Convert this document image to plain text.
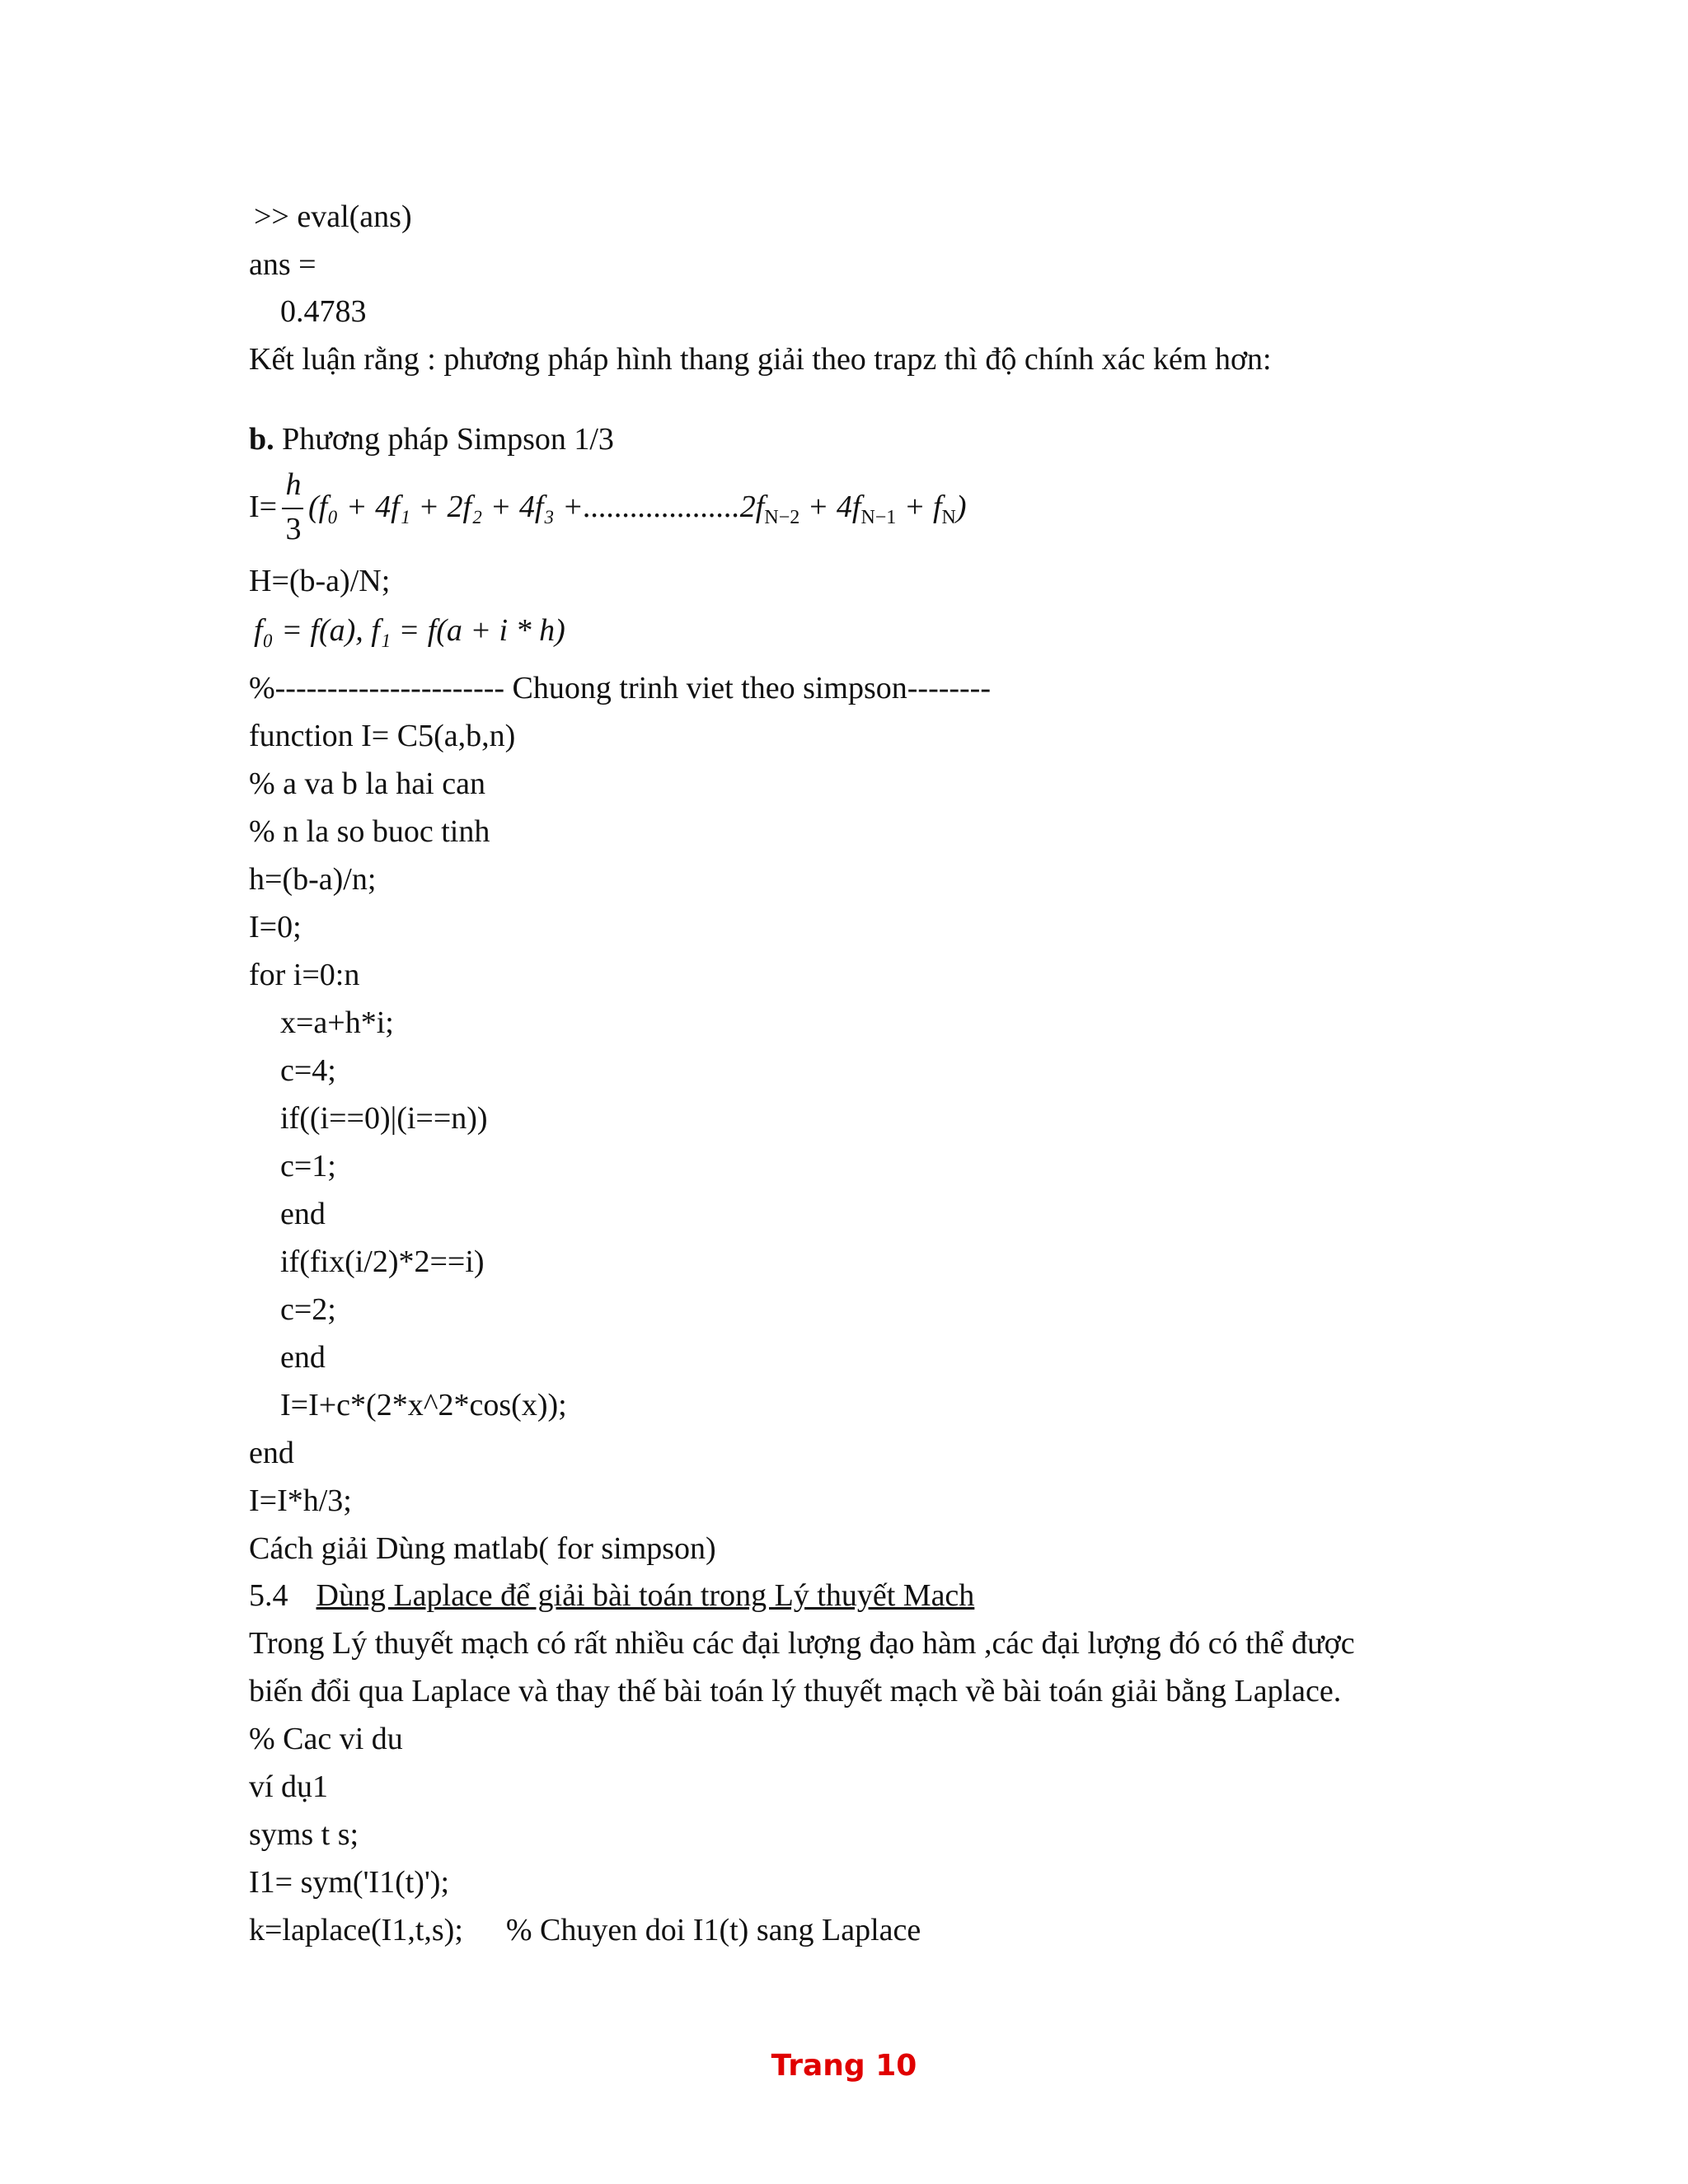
>> eval(ans)
ans =
0.4783
Kết luận rằng : phương pháp hình thang giải theo trapz thì độ chính xác kém hơn:
b. Phương pháp Simpson 1/3
I=
h
3
$(f_0 + 4f_1 + 2f_2 + 4f_3 +....................2f_{N-2} + 4f_{N-1} + f_N)$
H=(b-a)/N;
f₀ = f(a), f₁ = f(a + i * h)
%---------------------- Chuong trinh viet theo simpson--------
function I= C5(a,b,n)
% a va b la hai can
% n la so buoc tinh
h=(b-a)/n;
I=0;
for i=0:n
x=a+h*i;
c=4;
if((i==0)|(i==n))
c=1;
end
if(fix(i/2)*2==i)
c=2;
end
I=I+c*(2*x^2*cos(x));
end
I=I*h/3;
Cách giải Dùng matlab( for simpson)
5.4 Dùng Laplace để giải bài toán trong Lý thuyết Mach
Trong Lý thuyết mạch có rất nhiều các đại lượng đạo hàm ,các đại lượng đó có thể được
biến đổi qua Laplace và thay thế bài toán lý thuyết mạch về bài toán giải bằng Laplace.
% Cac vi du
ví dụ1
syms t s;
I1= sym('I1(t)');
k=laplace(I1,t,s); % Chuyen doi I1(t) sang Laplace
Trang 10
